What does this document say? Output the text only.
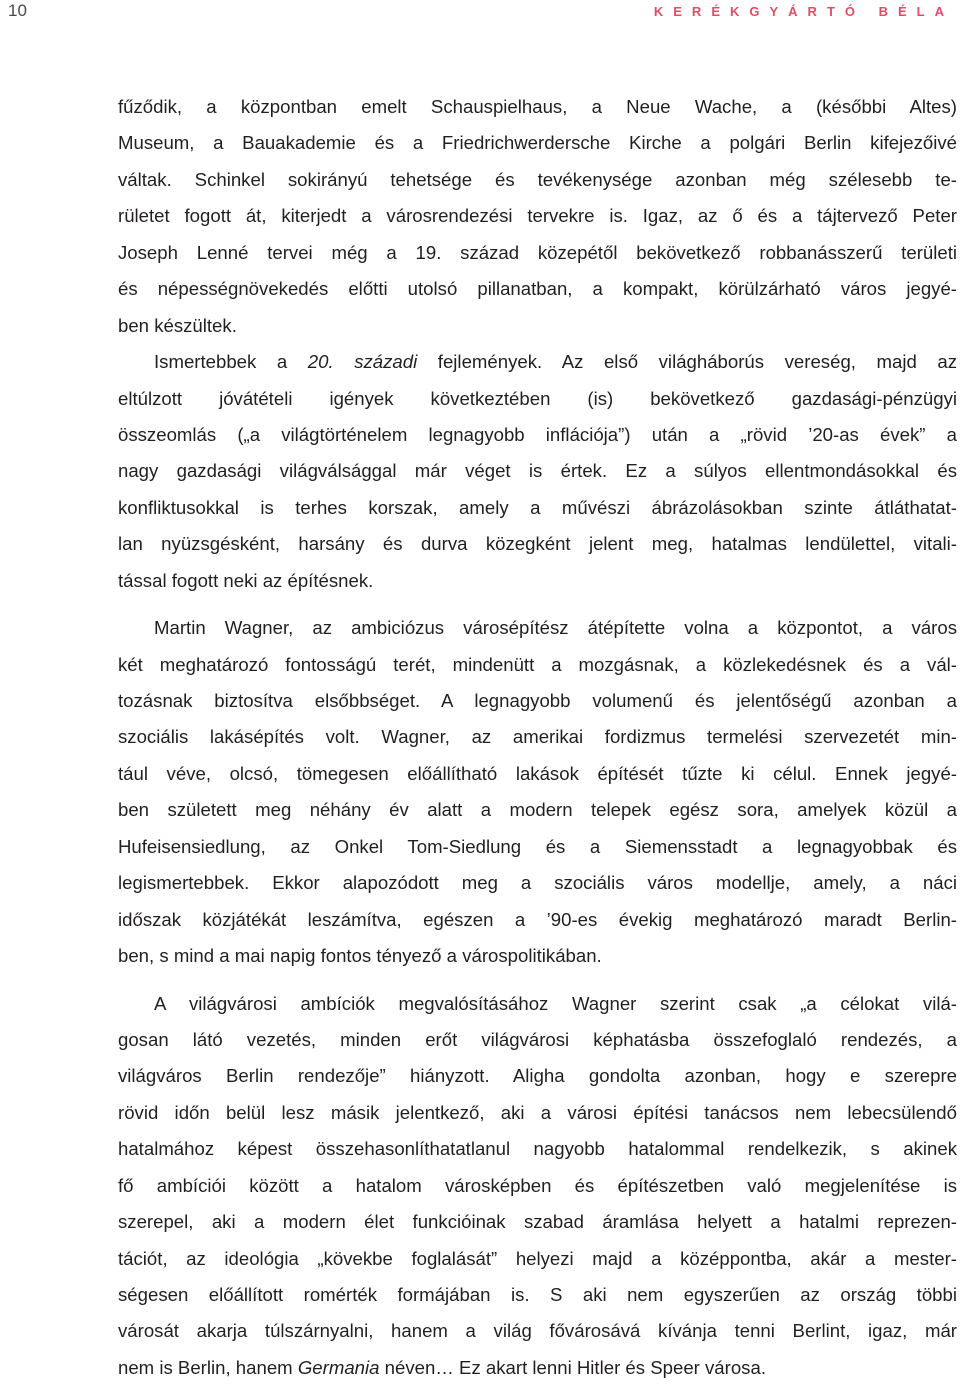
10	KERÉKGYÁRTÓ BÉLA
fűződik, a központban emelt Schauspielhaus, a Neue Wache, a (későbbi Altes)
Museum, a Bauakademie és a Friedrichwerdersche Kirche a polgári Berlin kifejezőivé
váltak. Schinkel sokirányú tehetsége és tevékenysége azonban még szélesebb te-
rületet fogott át, kiterjedt a városrendezési tervekre is. Igaz, az ő és a tájtervező Peter
Joseph Lenné tervei még a 19. század közepétől bekövetkező robbanásszerű területi
és népességnövekedés előtti utolsó pillanatban, a kompakt, körülzárható város jegyé-
ben készültek.
Ismertebbek a 20. századi fejlemények. Az első világháborús vereség, majd az
eltúlzott jóvátételi igények következtében (is) bekövetkező gazdasági-pénzügyi
összeomlás („a világtörténelem legnagyobb inflációja”) után a „rövid ’20-as évek” a
nagy gazdasági világválsággal már véget is értek. Ez a súlyos ellentmondásokkal és
konfliktusokkal is terhes korszak, amely a művészi ábrázolásokban szinte átláthatat-
lan nyüzsgésként, harsány és durva közegként jelent meg, hatalmas lendülettel, vitali-
tással fogott neki az építésnek.
Martin Wagner, az ambiciózus városépítész átépítette volna a központot, a város
két meghatározó fontosságú terét, mindenütt a mozgásnak, a közlekedésnek és a vál-
tozásnak biztosítva elsőbbséget. A legnagyobb volumenű és jelentőségű azonban a
szociális lakásépítés volt. Wagner, az amerikai fordizmus termelési szervezetét min-
tául véve, olcsó, tömegesen előállítható lakások építését tűzte ki célul. Ennek jegyé-
ben született meg néhány év alatt a modern telepek egész sora, amelyek közül a
Hufeisensiedlung, az Onkel Tom-Siedlung és a Siemensstadt a legnagyobbak és
legismertebbek. Ekkor alapozódott meg a szociális város modellje, amely, a náci
időszak közjátékát leszámítva, egészen a ’90-es évekig meghatározó maradt Berlin-
ben, s mind a mai napig fontos tényező a várospolitikában.
A világvárosi ambíciók megvalósításához Wagner szerint csak „a célokat vilá-
gosan látó vezetés, minden erőt világvárosi képhatásba összefoglaló rendezés, a
világváros Berlin rendezője” hiányzott. Aligha gondolta azonban, hogy e szerepre
rövid időn belül lesz másik jelentkező, aki a városi építési tanácsos nem lebecsülendő
hatalmához képest összehasonlíthatatlanul nagyobb hatalommal rendelkezik, s akinek
fő ambíciói között a hatalom városképben és építészetben való megjelenítése is
szerepel, aki a modern élet funkcióinak szabad áramlása helyett a hatalmi reprezen-
tációt, az ideológia „kövekbe foglalását” helyezi majd a középpontba, akár a mester-
ségesen előállított romérték formájában is. S aki nem egyszerűen az ország többi
városát akarja túlszárnyalni, hanem a világ fővárosává kívánja tenni Berlint, igaz, már
nem is Berlin, hanem Germania néven… Ez akart lenni Hitler és Speer városa.
